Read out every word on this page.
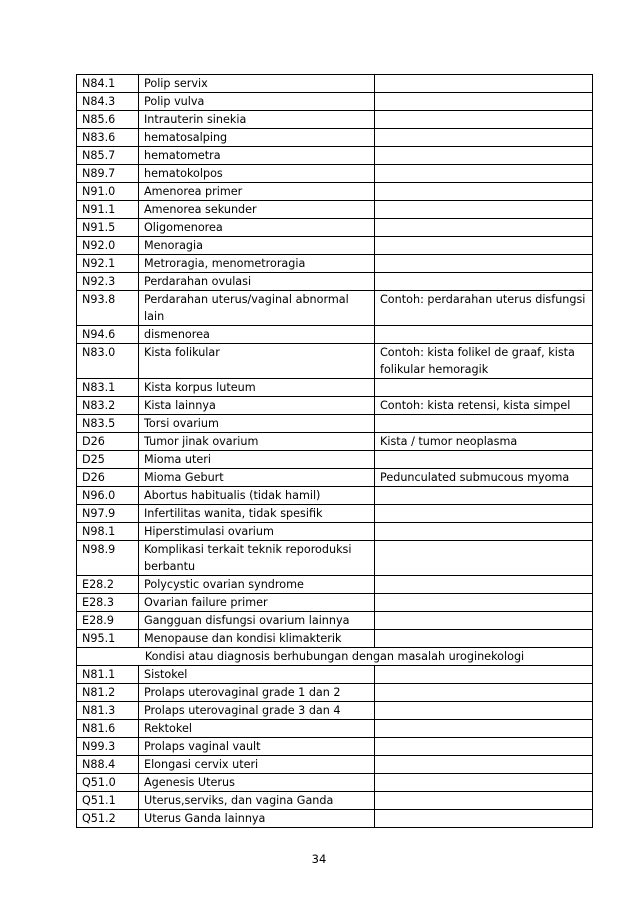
N84.1	Polip servix	
N84.3	Polip vulva	
N85.6	Intrauterin sinekia	
N83.6	hematosalping	
N85.7	hematometra	
N89.7	hematokolpos	
N91.0	Amenorea primer	
N91.1	Amenorea sekunder	
N91.5	Oligomenorea	
N92.0	Menoragia	
N92.1	Metroragia, menometroragia	
N92.3	Perdarahan ovulasi	
N93.8	Perdarahan uterus/vaginal abnormal lain	Contoh: perdarahan uterus disfungsi
N94.6	dismenorea	
N83.0	Kista folikular	Contoh: kista folikel de graaf, kista folikular hemoragik
N83.1	Kista korpus luteum	
N83.2	Kista lainnya	Contoh: kista retensi, kista simpel
N83.5	Torsi ovarium	
D26	Tumor jinak ovarium	Kista / tumor neoplasma
D25	Mioma uteri	
D26	Mioma Geburt	Pedunculated submucous myoma
N96.0	Abortus habitualis (tidak hamil)	
N97.9	Infertilitas wanita, tidak spesifik	
N98.1	Hiperstimulasi ovarium	
N98.9	Komplikasi terkait teknik reporoduksi berbantu	
E28.2	Polycystic ovarian syndrome	
E28.3	Ovarian failure primer	
E28.9	Gangguan disfungsi ovarium lainnya	
N95.1	Menopause dan kondisi klimakterik	
Kondisi atau diagnosis berhubungan dengan masalah uroginekologi		
N81.1	Sistokel	
N81.2	Prolaps uterovaginal grade 1 dan 2	
N81.3	Prolaps uterovaginal grade 3 dan 4	
N81.6	Rektokel	
N99.3	Prolaps vaginal vault	
N88.4	Elongasi cervix uteri	
Q51.0	Agenesis Uterus	
Q51.1	Uterus,serviks, dan vagina Ganda	
Q51.2	Uterus Ganda lainnya	
34
